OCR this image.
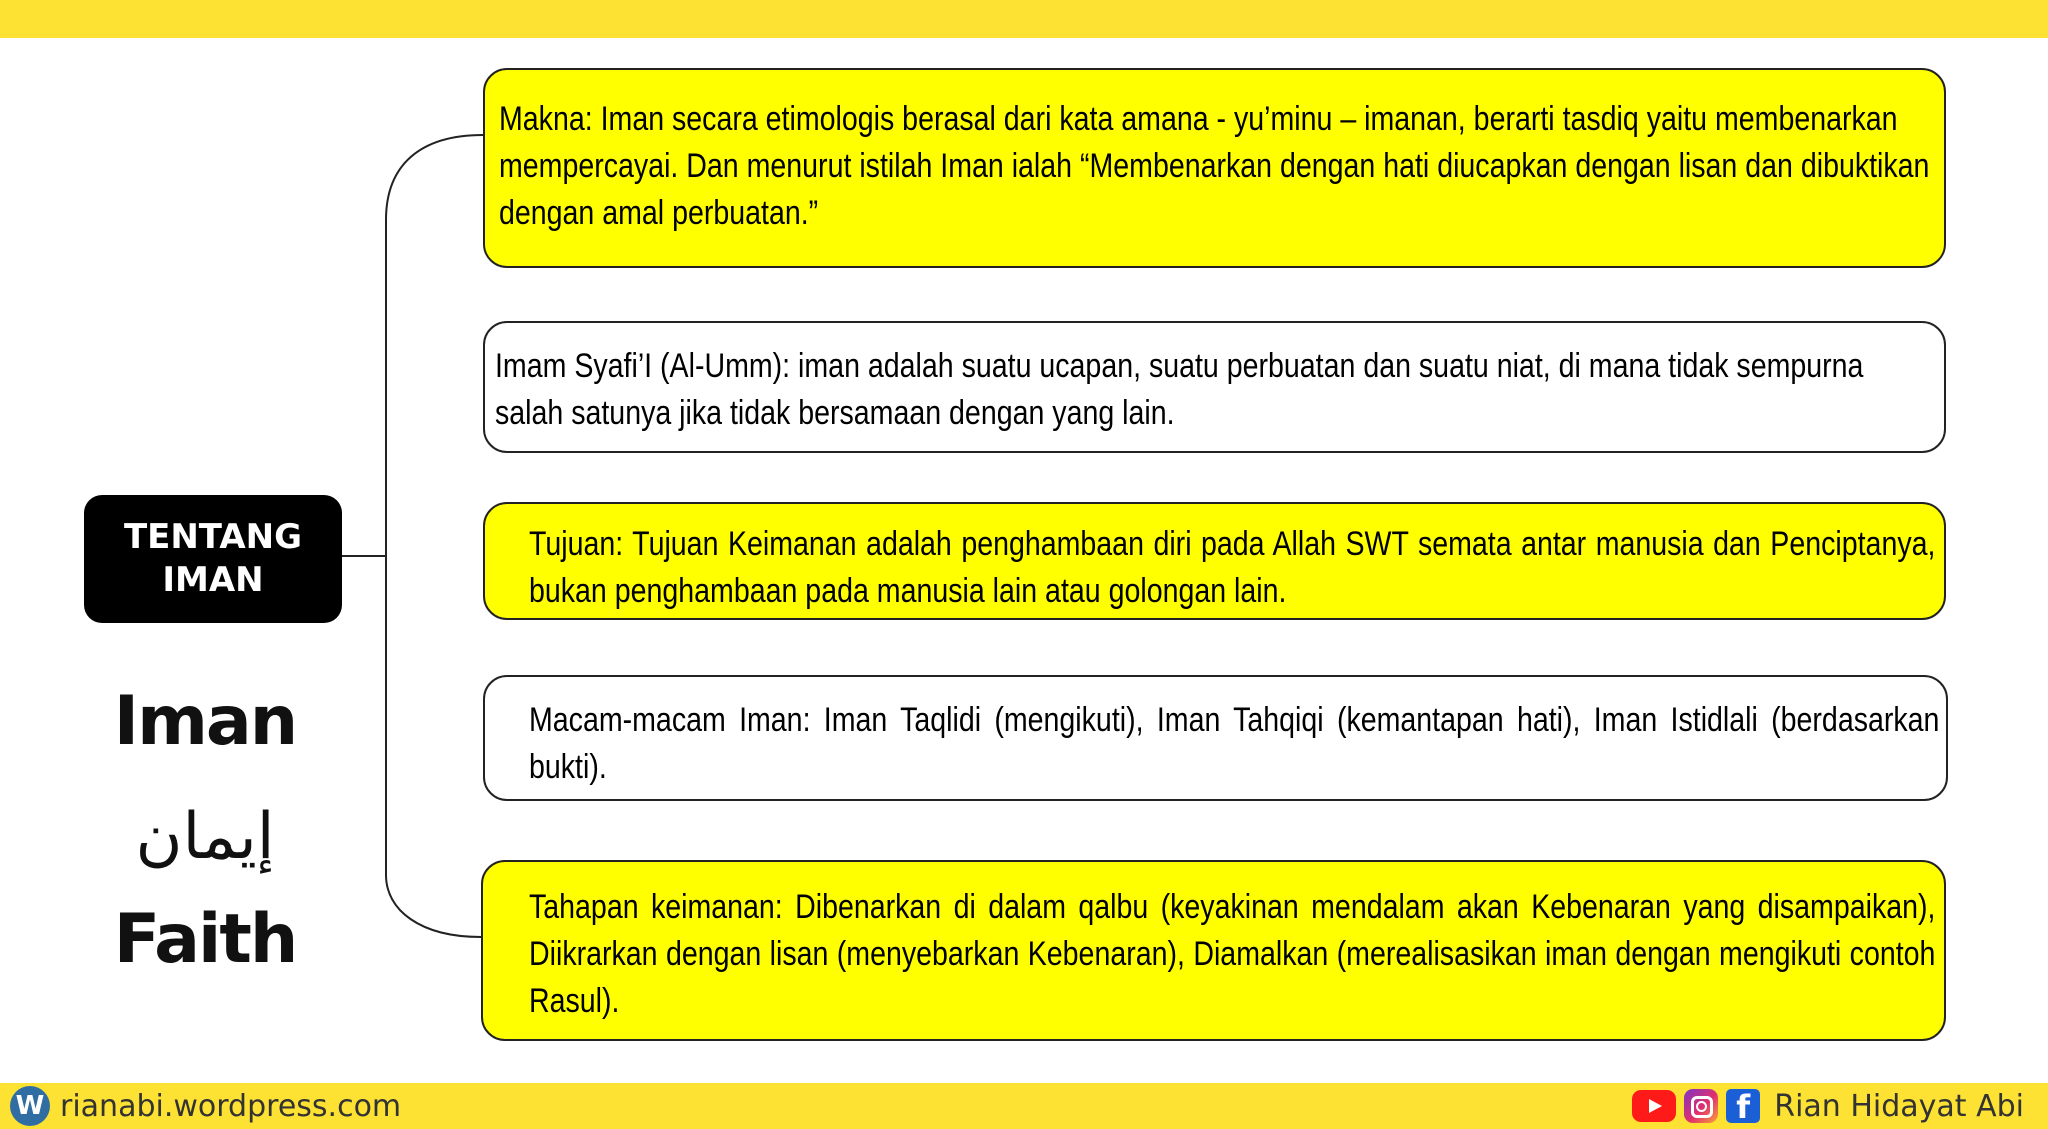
TENTANG
IMAN
Iman
إيمان
Faith
Makna: Iman secara etimologis berasal dari kata amana - yu’minu – imanan, berarti tasdiq yaitu membenarkan mempercayai. Dan menurut istilah Iman ialah “Membenarkan dengan hati diucapkan dengan lisan dan dibuktikan dengan amal perbuatan.”
Imam Syafi’I (Al-Umm): iman adalah suatu ucapan, suatu perbuatan dan suatu niat, di mana tidak sempurna salah satunya jika tidak bersamaan dengan yang lain.
Tujuan: Tujuan Keimanan adalah penghambaan diri pada Allah SWT semata antar manusia dan Penciptanya, bukan penghambaan pada manusia lain atau golongan lain.
Macam-macam Iman: Iman Taqlidi (mengikuti), Iman Tahqiqi (kemantapan hati), Iman Istidlali (berdasarkan bukti).
Tahapan keimanan: Dibenarkan di dalam qalbu (keyakinan mendalam akan Kebenaran yang disampaikan), Diikrarkan dengan lisan (menyebarkan Kebenaran), Diamalkan (merealisasikan iman dengan mengikuti contoh Rasul).
W rianabi.wordpress.com	f Rian Hidayat Abi
